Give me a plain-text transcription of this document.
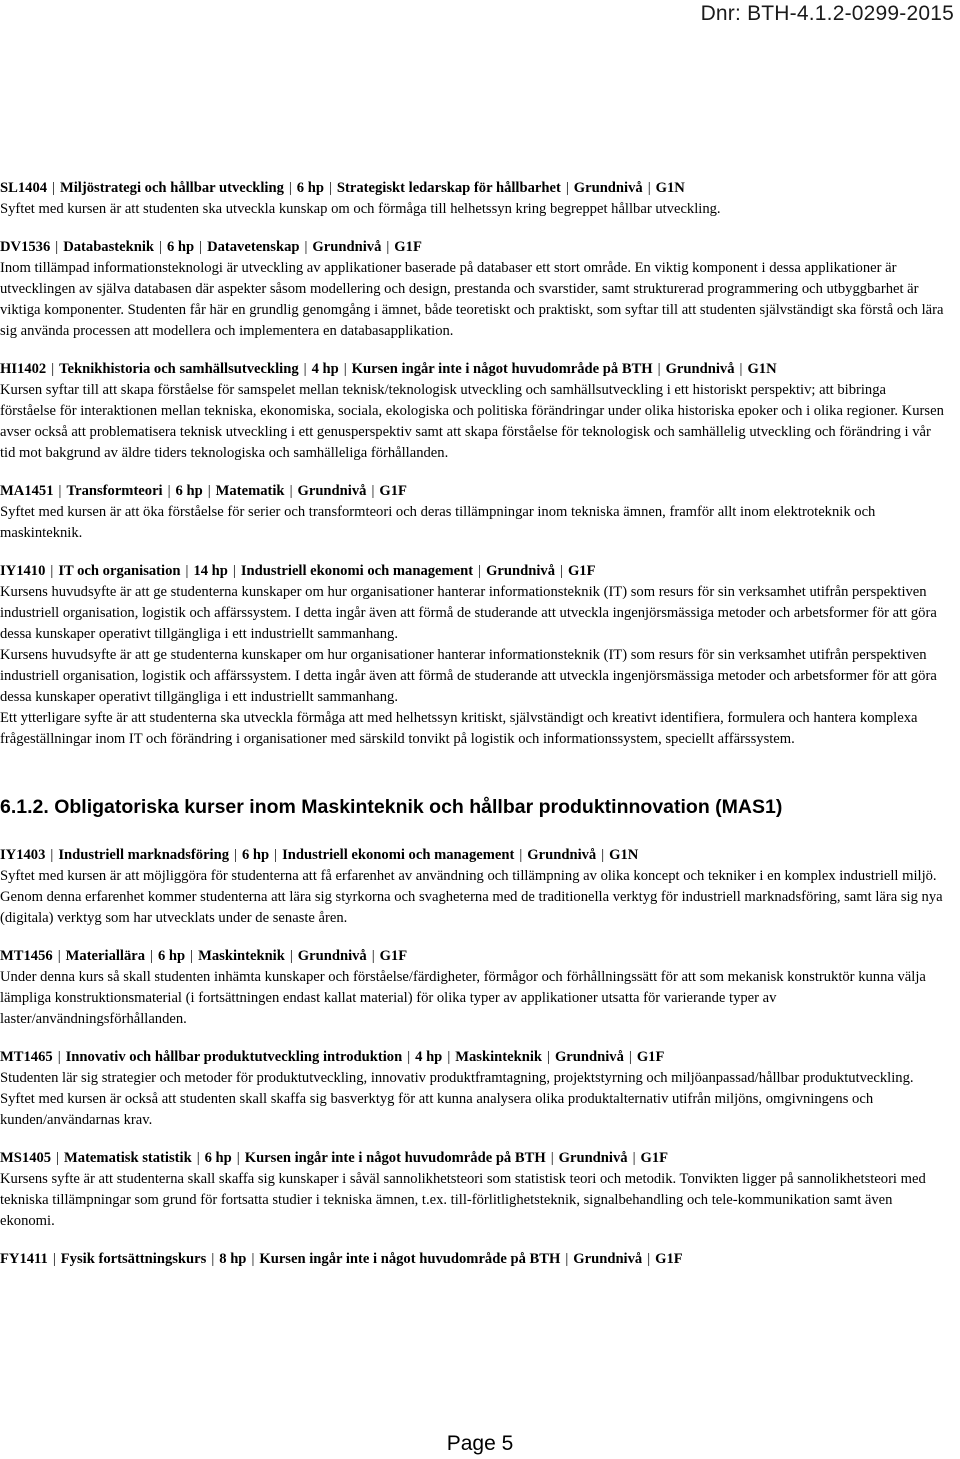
Dnr: BTH-4.1.2-0299-2015
SL1404 | Miljöstrategi och hållbar utveckling | 6 hp | Strategiskt ledarskap för hållbarhet | Grundnivå | G1N

Syftet med kursen är att studenten ska utveckla kunskap om och förmåga till helhetssyn kring begreppet hållbar utveckling.

DV1536 | Databasteknik | 6 hp | Datavetenskap | Grundnivå | G1F

Inom tillämpad informationsteknologi är utveckling av applikationer baserade på databaser ett stort område. En viktig komponent i dessa applikationer är utvecklingen av själva databasen där aspekter såsom modellering och design, prestanda och svarstider, samt strukturerad programmering och utbyggbarhet är viktiga komponenter. Studenten får här en grundlig genomgång i ämnet, både teoretiskt och praktiskt, som syftar till att studenten självständigt ska förstå och lära sig använda processen att modellera och implementera en databasapplikation.

HI1402 | Teknikhistoria och samhällsutveckling | 4 hp | Kursen ingår inte i något huvudområde på BTH | Grundnivå | G1N

Kursen syftar till att skapa förståelse för samspelet mellan teknisk/teknologisk utveckling och samhällsutveckling i ett historiskt perspektiv; att bibringa förståelse för interaktionen mellan tekniska, ekonomiska, sociala, ekologiska och politiska förändringar under olika historiska epoker och i olika regioner. Kursen avser också att problematisera teknisk utveckling i ett genusperspektiv samt att skapa förståelse för teknologisk och samhällelig utveckling och förändring i vår tid mot bakgrund av äldre tiders teknologiska och samhälleliga förhållanden.

MA1451 | Transformteori | 6 hp | Matematik | Grundnivå | G1F

Syftet med kursen är att öka förståelse för serier och transformteori och deras tillämpningar inom tekniska ämnen, framför allt inom elektroteknik och maskinteknik.

IY1410 | IT och organisation | 14 hp | Industriell ekonomi och management | Grundnivå | G1F

Kursens huvudsyfte är att ge studenterna kunskaper om hur organisationer hanterar informationsteknik (IT) som resurs för sin verksamhet utifrån perspektiven industriell organisation, logistik och affärssystem. I detta ingår även att förmå de studerande att utveckla ingenjörsmässiga metoder och arbetsformer för att göra dessa kunskaper operativt tillgängliga i ett industriellt sammanhang.

Kursens huvudsyfte är att ge studenterna kunskaper om hur organisationer hanterar informationsteknik (IT) som resurs för sin verksamhet utifrån perspektiven industriell organisation, logistik och affärssystem. I detta ingår även att förmå de studerande att utveckla ingenjörsmässiga metoder och arbetsformer för att göra dessa kunskaper operativt tillgängliga i ett industriellt sammanhang.

Ett ytterligare syfte är att studenterna ska utveckla förmåga att med helhetssyn kritiskt, självständigt och kreativt identifiera, formulera och hantera komplexa frågeställningar inom IT och förändring i organisationer med särskild tonvikt på logistik och informationssystem, speciellt affärssystem.

6.1.2. Obligatoriska kurser inom Maskinteknik och hållbar produktinnovation (MAS1)
IY1403 | Industriell marknadsföring | 6 hp | Industriell ekonomi och management | Grundnivå | G1N

Syftet med kursen är att möjliggöra för studenterna att få erfarenhet av användning och tillämpning av olika koncept och tekniker i en komplex industriell miljö. Genom denna erfarenhet kommer studenterna att lära sig styrkorna och svagheterna med de traditionella verktyg för industriell marknadsföring, samt lära sig nya (digitala) verktyg som har utvecklats under de senaste åren.

MT1456 | Materiallära | 6 hp | Maskinteknik | Grundnivå | G1F

Under denna kurs så skall studenten inhämta kunskaper och förståelse/färdigheter, förmågor och förhållningssätt för att som mekanisk konstruktör kunna välja lämpliga konstruktionsmaterial (i fortsättningen endast kallat material) för olika typer av applikationer utsatta för varierande typer av laster/användningsförhållanden.

MT1465 | Innovativ och hållbar produktutveckling introduktion | 4 hp | Maskinteknik | Grundnivå | G1F

Studenten lär sig strategier och metoder för produktutveckling, innovativ produktframtagning, projektstyrning och miljöanpassad/hållbar produktutveckling. Syftet med kursen är också att studenten skall skaffa sig basverktyg för att kunna analysera olika produktalternativ utifrån miljöns, omgivningens och kunden/användarnas krav.

MS1405 | Matematisk statistik | 6 hp | Kursen ingår inte i något huvudområde på BTH | Grundnivå | G1F

Kursens syfte är att studenterna skall skaffa sig kunskaper i såväl sannolikhetsteori som statistisk teori och metodik. Tonvikten ligger på sannolikhetsteori med tekniska tillämpningar som grund för fortsatta studier i tekniska ämnen, t.ex. till-förlitlighetsteknik, signalbehandling och tele-kommunikation samt även ekonomi.

FY1411 | Fysik fortsättningskurs | 8 hp | Kursen ingår inte i något huvudområde på BTH | Grundnivå | G1F
Page 5
